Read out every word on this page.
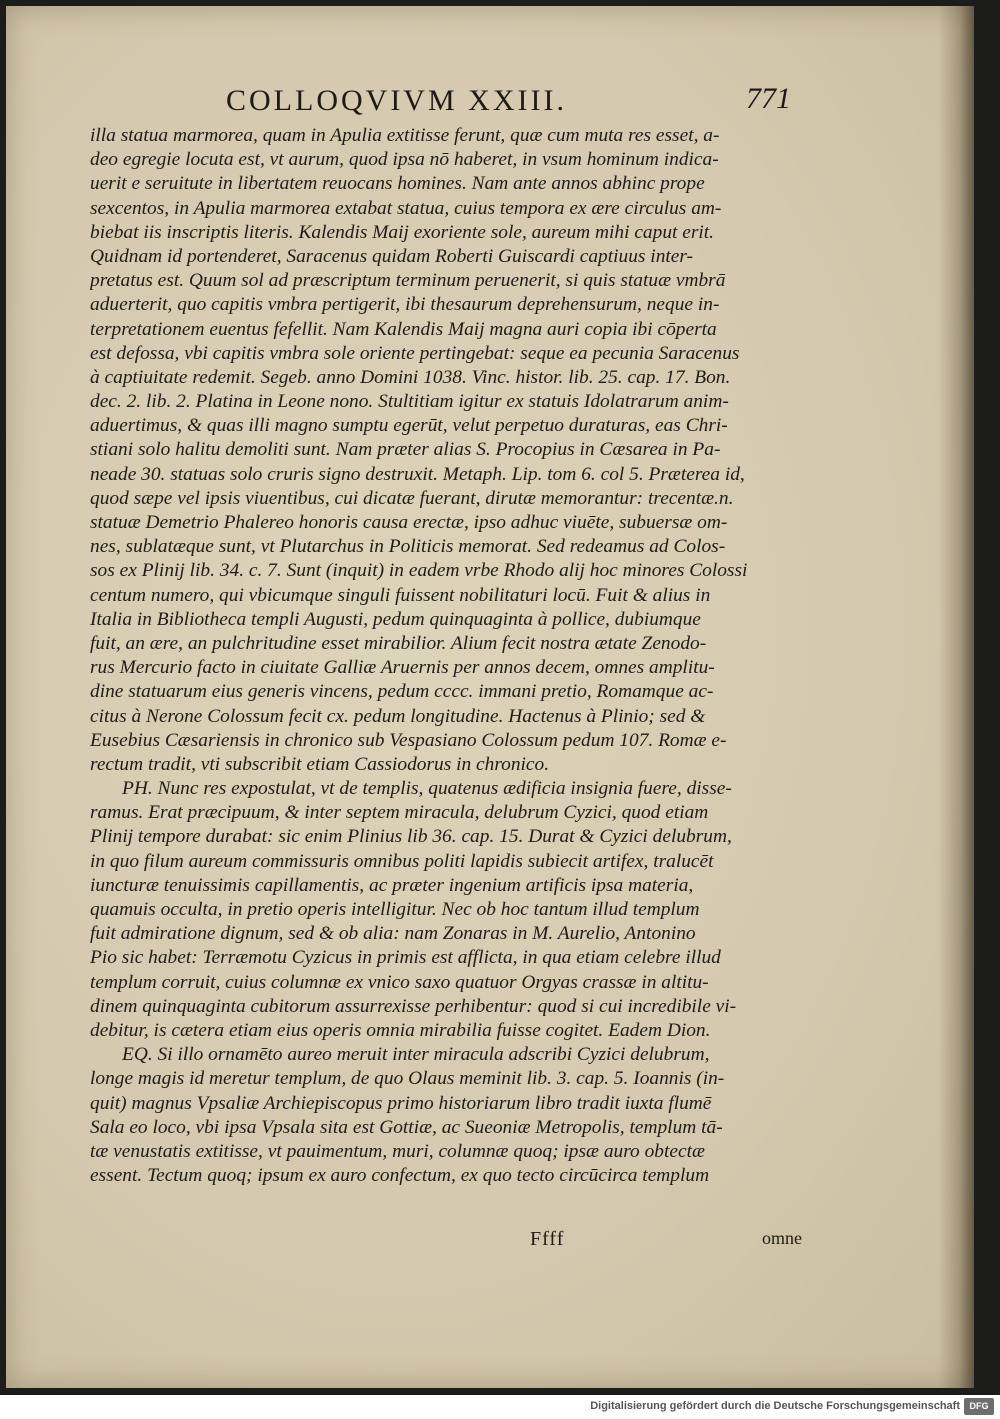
COLLOQVIVM XXIII.	771
illa statua marmorea, quam in Apulia extitisse ferunt, quæ cum muta res esset, a-
deo egregie locuta est, vt aurum, quod ipsa nō haberet, in vsum hominum indica-
uerit e seruitute in libertatem reuocans homines. Nam ante annos abhinc prope
sexcentos, in Apulia marmorea extabat statua, cuius tempora ex ære circulus am-
biebat iis inscriptis literis. Kalendis Maij exoriente sole, aureum mihi caput erit.
Quidnam id portenderet, Saracenus quidam Roberti Guiscardi captiuus inter-
pretatus est. Quum sol ad præscriptum terminum peruenerit, si quis statuæ vmbrā
aduerterit, quo capitis vmbra pertigerit, ibi thesaurum deprehensurum, neque in-
terpretationem euentus fefellit. Nam Kalendis Maij magna auri copia ibi cōperta
est defossa, vbi capitis vmbra sole oriente pertingebat: seque ea pecunia Saracenus
à captiuitate redemit. Segeb. anno Domini 1038. Vinc. histor. lib. 25. cap. 17. Bon.
dec. 2. lib. 2. Platina in Leone nono. Stultitiam igitur ex statuis Idolatrarum anim-
aduertimus, & quas illi magno sumptu egerūt, velut perpetuo duraturas, eas Chri-
stiani solo halitu demoliti sunt. Nam præter alias S. Procopius in Cæsarea in Pa-
neade 30. statuas solo cruris signo destruxit. Metaph. Lip. tom 6. col 5. Præterea id,
quod sæpe vel ipsis viuentibus, cui dicatæ fuerant, dirutæ memorantur: trecentæ.n.
statuæ Demetrio Phalereo honoris causa erectæ, ipso adhuc viuēte, subuersæ om-
nes, sublatæque sunt, vt Plutarchus in Politicis memorat. Sed redeamus ad Colos-
sos ex Plinij lib. 34. c. 7. Sunt (inquit) in eadem vrbe Rhodo alij hoc minores Colossi
centum numero, qui vbicumque singuli fuissent nobilitaturi locū. Fuit & alius in
Italia in Bibliotheca templi Augusti, pedum quinquaginta à pollice, dubiumque
fuit, an ære, an pulchritudine esset mirabilior. Alium fecit nostra ætate Zenodo-
rus Mercurio facto in ciuitate Galliæ Aruernis per annos decem, omnes amplitu-
dine statuarum eius generis vincens, pedum cccc. immani pretio, Romamque ac-
citus à Nerone Colossum fecit cx. pedum longitudine. Hactenus à Plinio; sed &
Eusebius Cæsariensis in chronico sub Vespasiano Colossum pedum 107. Romæ e-
rectum tradit, vti subscribit etiam Cassiodorus in chronico.
PH. Nunc res expostulat, vt de templis, quatenus ædificia insignia fuere, disse-
ramus. Erat præcipuum, & inter septem miracula, delubrum Cyzici, quod etiam
Plinij tempore durabat: sic enim Plinius lib 36. cap. 15. Durat & Cyzici delubrum,
in quo filum aureum commissuris omnibus politi lapidis subiecit artifex, tralucēt
iuncturæ tenuissimis capillamentis, ac præter ingenium artificis ipsa materia,
quamuis occulta, in pretio operis intelligitur. Nec ob hoc tantum illud templum
fuit admiratione dignum, sed & ob alia: nam Zonaras in M. Aurelio, Antonino
Pio sic habet: Terræmotu Cyzicus in primis est afflicta, in qua etiam celebre illud
templum corruit, cuius columnæ ex vnico saxo quatuor Orgyas crassæ in altitu-
dinem quinquaginta cubitorum assurrexisse perhibentur: quod si cui incredibile vi-
debitur, is cætera etiam eius operis omnia mirabilia fuisse cogitet. Eadem Dion.
EQ. Si illo ornamēto aureo meruit inter miracula adscribi Cyzici delubrum,
longe magis id meretur templum, de quo Olaus meminit lib. 3. cap. 5. Ioannis (in-
quit) magnus Vpsaliæ Archiepiscopus primo historiarum libro tradit iuxta flumē
Sala eo loco, vbi ipsa Vpsala sita est Gottiæ, ac Sueoniæ Metropolis, templum tā-
tæ venustatis extitisse, vt pauimentum, muri, columnæ quoq; ipsæ auro obtectæ
essent. Tectum quoq; ipsum ex auro confectum, ex quo tecto circūcirca templum
Ffff	omne
Digitalisierung gefördert durch die Deutsche Forschungsgemeinschaft	DFG
